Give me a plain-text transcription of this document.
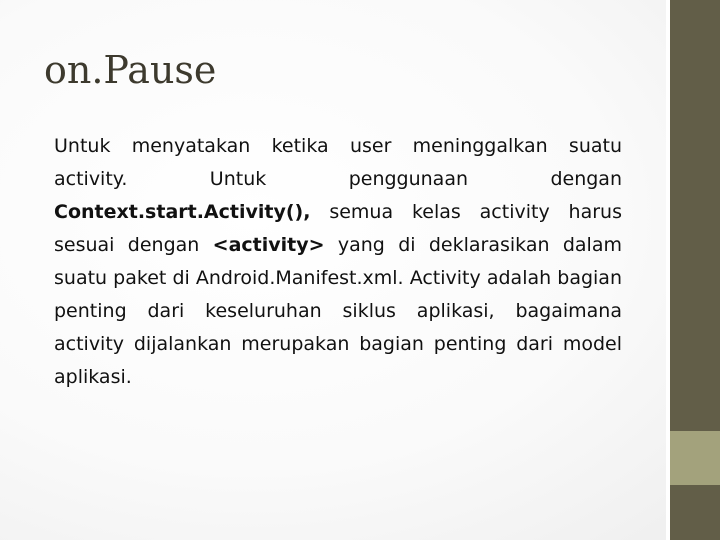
on.Pause

Untuk menyatakan ketika user meninggalkan suatu activity. Untuk penggunaan dengan Context.start.Activity(), semua kelas activity harus sesuai dengan <activity> yang di deklarasikan dalam suatu paket di Android.Manifest.xml. Activity adalah bagian penting dari keseluruhan siklus aplikasi, bagaimana activity dijalankan merupakan bagian penting dari model aplikasi.
